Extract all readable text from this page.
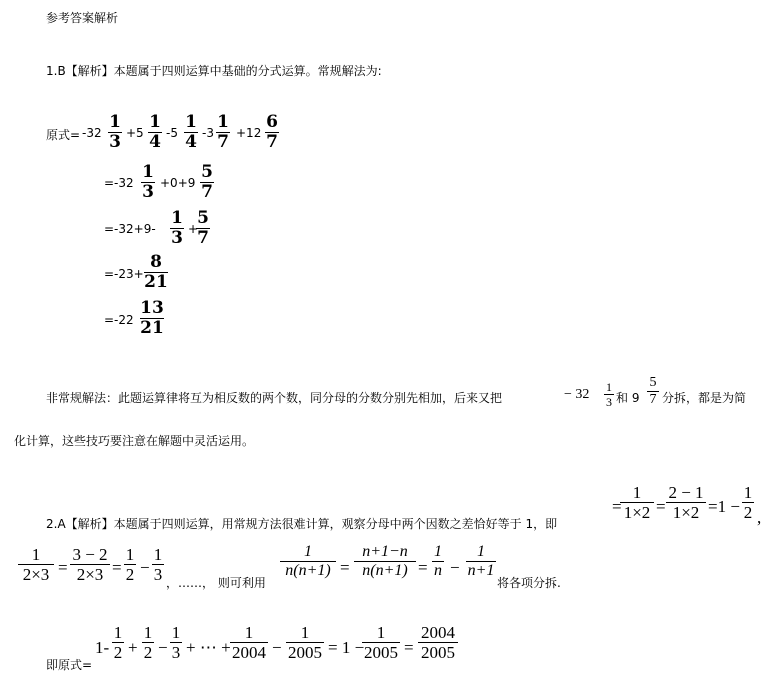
参考答案解析
1.B【解析】本题属于四则运算中基础的分式运算。常规解法为:
原式= -32
1
3 +5
1
4 -5
1
4 -3
1
7 +12
6
7
=-32
1
3 +0+9
5
7
=-32+9-
1
3 +
5
7
=-23+
8
21
=-22
13
21
非常规解法：此题运算律将互为相反数的两个数，同分母的分数分别先相加，后来又把	− 32 1
3 和 9
5
7 分拆，都是为简
化计算，这些技巧要注意在解题中灵活运用。
=
1
1×2 =
2 − 1
1×2 =1 −
1
2 ,
2.A【解析】本题属于四则运算，用常规方法很难计算，观察分母中两个因数之差恰好等于 1，即
1
2×3 =
3 − 2
2×3 =
1
2 −
1
3 ，……， 则可利用
1
n(n+1) =
n+1−n
n(n+1) =
1
n −
1
n+1
将各项分拆.
即原式=
1-
1
2 +
1
2 −
1
3 + ⋯ +
1
2004 −
1
2005 = 1 −
1
2005 =
2004
2005
